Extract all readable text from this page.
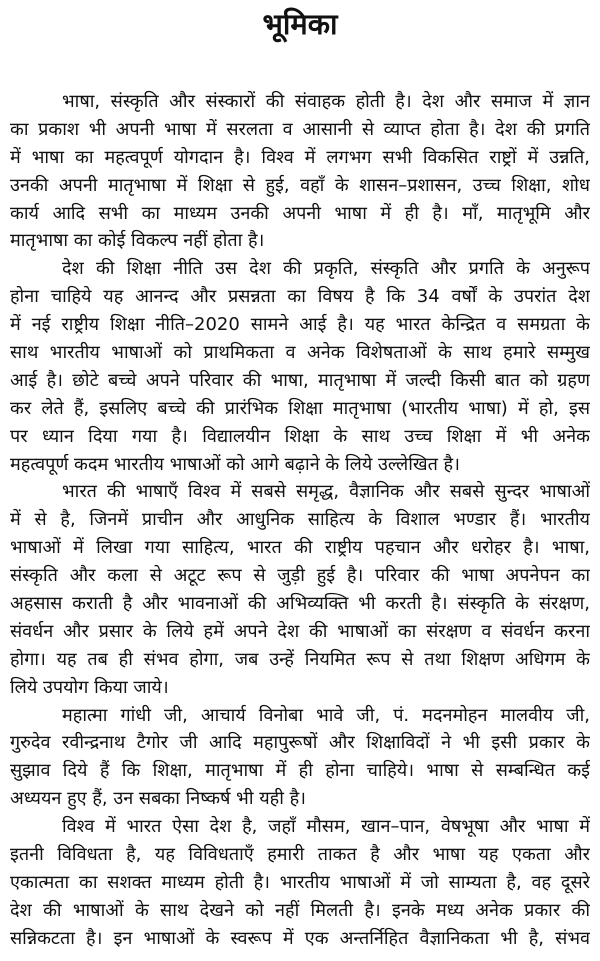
भूमिका
भाषा, संस्कृति और संस्कारों की संवाहक होती है। देश और समाज में ज्ञान
का प्रकाश भी अपनी भाषा में सरलता व आसानी से व्याप्त होता है। देश की प्रगति
में भाषा का महत्वपूर्ण योगदान है। विश्व में लगभग सभी विकसित राष्ट्रों में उन्नति,
उनकी अपनी मातृभाषा में शिक्षा से हुई, वहाँ के शासन–प्रशासन, उच्च शिक्षा, शोध
कार्य आदि सभी का माध्यम उनकी अपनी भाषा में ही है। माँ, मातृभूमि और
मातृभाषा का कोई विकल्प नहीं होता है।
देश की शिक्षा नीति उस देश की प्रकृति, संस्कृति और प्रगति के अनुरूप
होना चाहिये यह आनन्द और प्रसन्नता का विषय है कि 34 वर्षों के उपरांत देश
में नई राष्ट्रीय शिक्षा नीति–2020 सामने आई है। यह भारत केन्द्रित व समग्रता के
साथ भारतीय भाषाओं को प्राथमिकता व अनेक विशेषताओं के साथ हमारे सम्मुख
आई है। छोटे बच्चे अपने परिवार की भाषा, मातृभाषा में जल्दी किसी बात को ग्रहण
कर लेते हैं, इसलिए बच्चे की प्रारंभिक शिक्षा मातृभाषा (भारतीय भाषा) में हो, इस
पर ध्यान दिया गया है। विद्यालयीन शिक्षा के साथ उच्च शिक्षा में भी अनेक
महत्वपूर्ण कदम भारतीय भाषाओं को आगे बढ़ाने के लिये उल्लेखित है।
भारत की भाषाएँ विश्व में सबसे समृद्ध, वैज्ञानिक और सबसे सुन्दर भाषाओं
में से है, जिनमें प्राचीन और आधुनिक साहित्य के विशाल भण्डार हैं। भारतीय
भाषाओं में लिखा गया साहित्य, भारत की राष्ट्रीय पहचान और धरोहर है। भाषा,
संस्कृति और कला से अटूट रूप से जुड़ी हुई है। परिवार की भाषा अपनेपन का
अहसास कराती है और भावनाओं की अभिव्यक्ति भी करती है। संस्कृति के संरक्षण,
संवर्धन और प्रसार के लिये हमें अपने देश की भाषाओं का संरक्षण व संवर्धन करना
होगा। यह तब ही संभव होगा, जब उन्हें नियमित रूप से तथा शिक्षण अधिगम के
लिये उपयोग किया जाये।
महात्मा गांधी जी, आचार्य विनोबा भावे जी, पं. मदनमोहन मालवीय जी,
गुरुदेव रवीन्द्रनाथ टैगोर जी आदि महापुरूषों और शिक्षाविदों ने भी इसी प्रकार के
सुझाव दिये हैं कि शिक्षा, मातृभाषा में ही होना चाहिये। भाषा से सम्बन्धित कई
अध्ययन हुए हैं, उन सबका निष्कर्ष भी यही है।
विश्व में भारत ऐसा देश है, जहाँ मौसम, खान–पान, वेषभूषा और भाषा में
इतनी विविधता है, यह विविधताएँ हमारी ताकत है और भाषा यह एकता और
एकात्मता का सशक्त माध्यम होती है। भारतीय भाषाओं में जो साम्यता है, वह दूसरे
देश की भाषाओं के साथ देखने को नहीं मिलती है। इनके मध्य अनेक प्रकार की
सन्निकटता है। इन भाषाओं के स्वरूप में एक अन्तर्निहित वैज्ञानिकता भी है, संभव
